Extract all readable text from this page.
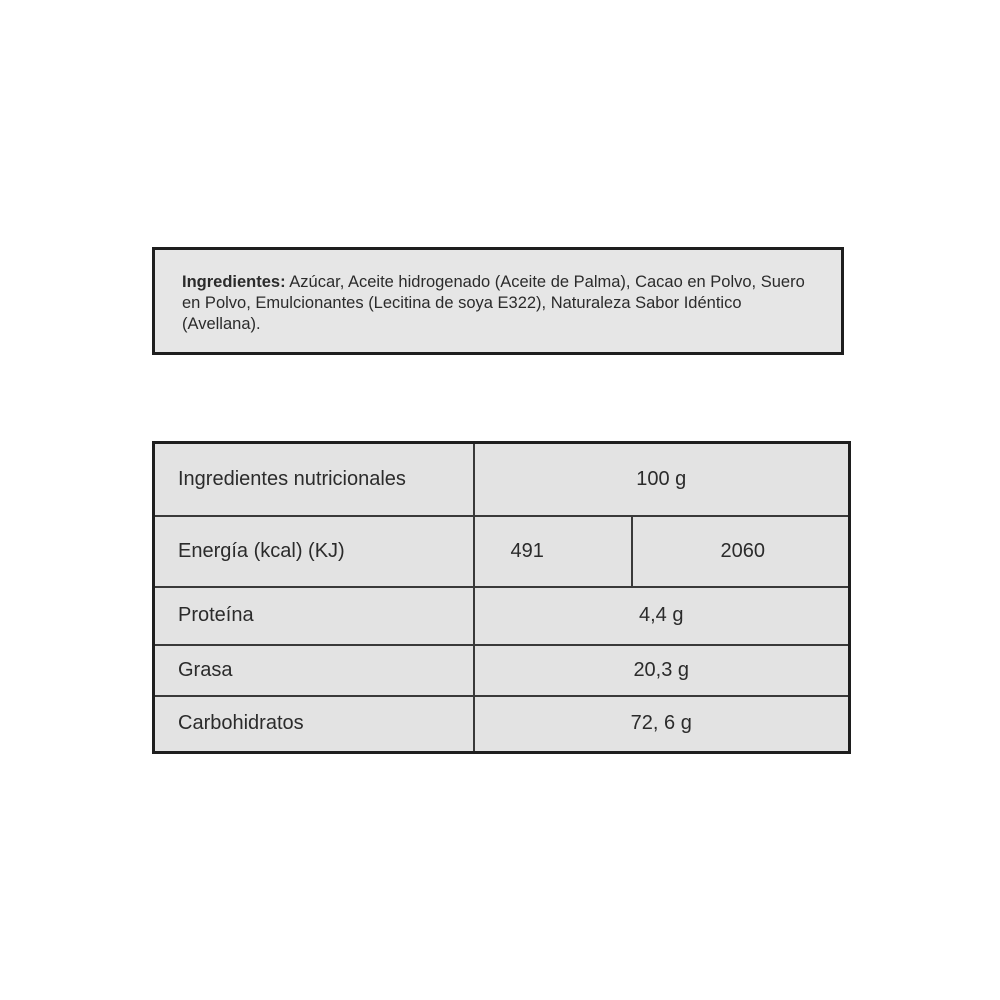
Ingredientes: Azúcar, Aceite hidrogenado (Aceite de Palma), Cacao en Polvo, Suero en Polvo, Emulcionantes (Lecitina de soya E322), Naturaleza Sabor Idéntico (Avellana).
Ingredientes nutricionales	100 g	
Energía (kcal) (KJ)	491	2060
Proteína	4,4 g	
Grasa	20,3 g	
Carbohidratos	72, 6 g	
